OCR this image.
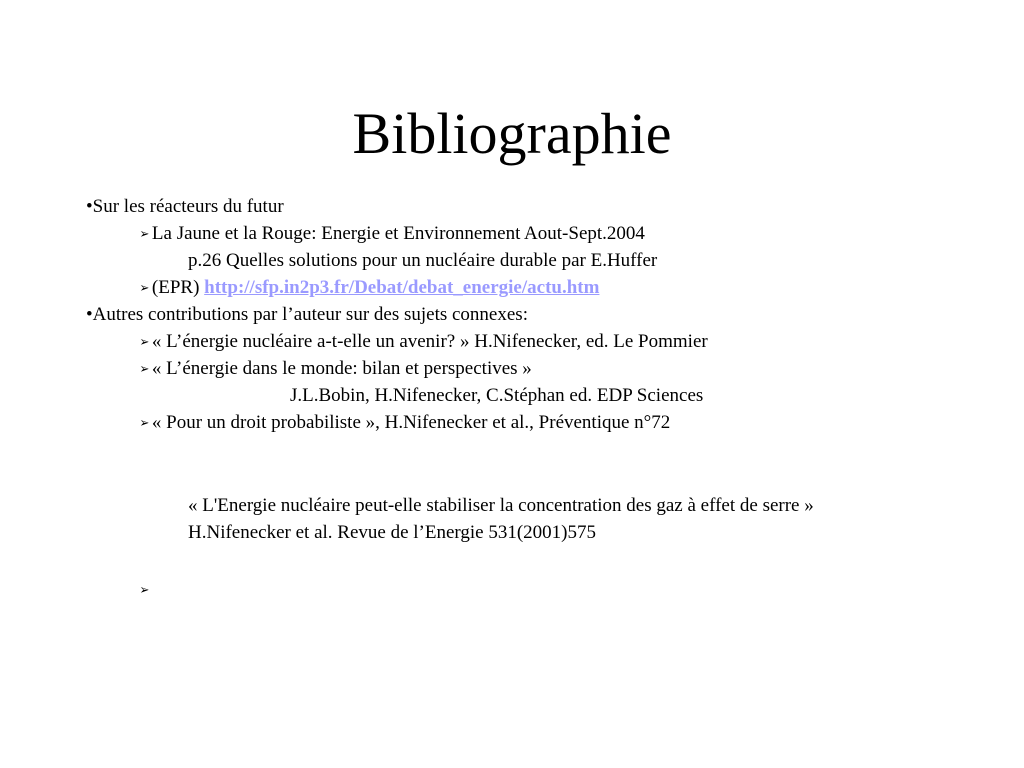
Bibliographie
•Sur les réacteurs du futur
➢ La Jaune et la Rouge: Energie et Environnement Aout-Sept.2004
p.26 Quelles solutions pour un nucléaire durable par E.Huffer
➢ (EPR) http://sfp.in2p3.fr/Debat/debat_energie/actu.htm
•Autres contributions par l’auteur sur des sujets connexes:
➢ « L’énergie nucléaire a-t-elle un avenir? » H.Nifenecker, ed. Le Pommier
➢ « L’énergie dans le monde: bilan et perspectives »
J.L.Bobin, H.Nifenecker, C.Stéphan ed. EDP Sciences
➢ « Pour un droit probabiliste », H.Nifenecker et al., Préventique n°72
« L'Energie nucléaire peut-elle stabiliser la concentration des gaz à effet de serre »
H.Nifenecker et al. Revue de l’Energie 531(2001)575
➢
